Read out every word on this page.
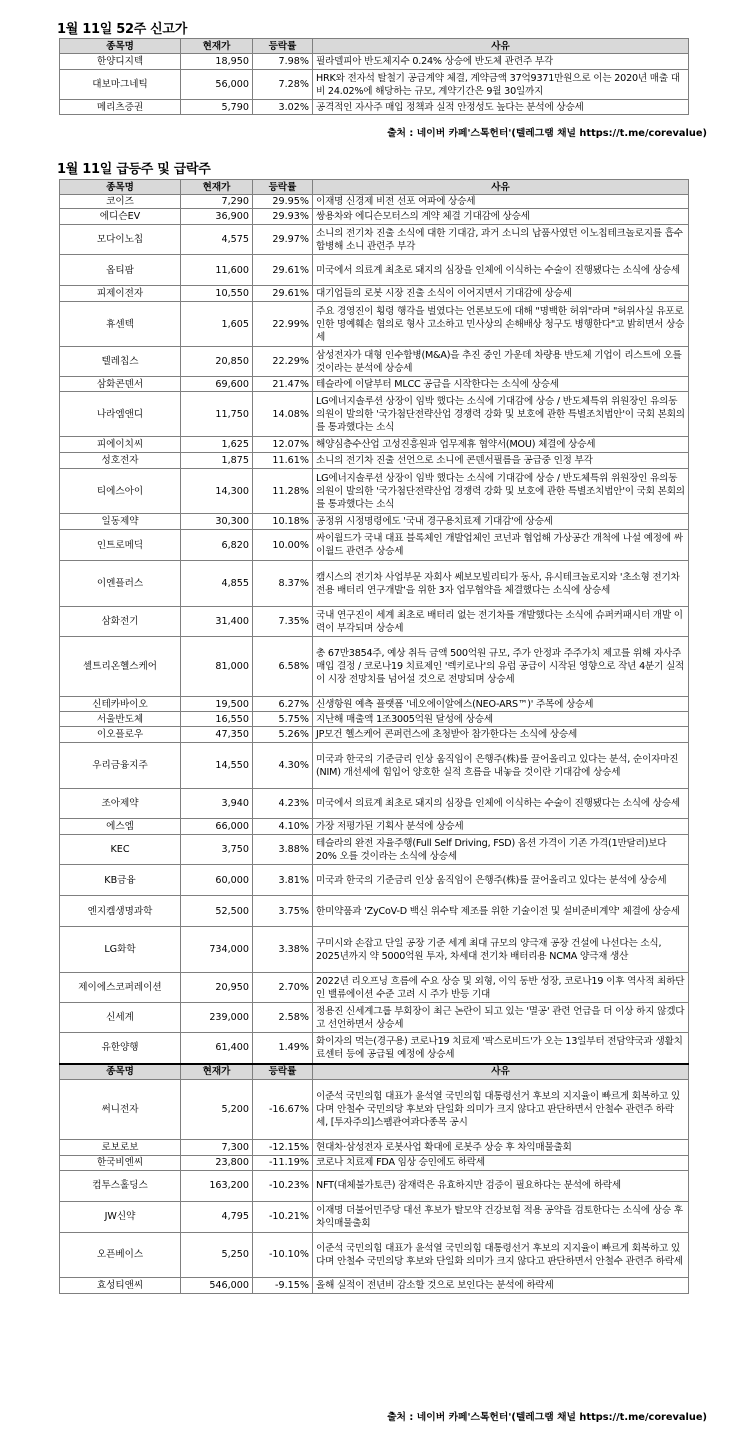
1월 11일 52주 신고가
종목명	현재가	등락률	사유
한양디지텍	18,950	7.98%	필라델피아 반도체지수 0.24% 상승에 반도체 관련주 부각
대보마그네틱	56,000	7.28%	HRK와 전자석 탈철기 공급계약 체결, 계약금액 37억9371만원으로 이는 2020년 매출 대비 24.02%에 해당하는 규모, 계약기간은 9월 30일까지
메리츠증권	5,790	3.02%	공격적인 자사주 매입 정책과 실적 안정성도 높다는 분석에 상승세
출처 : 네이버 카페'스톡헌터'(텔레그램 채널 https://t.me/corevalue)
1월 11일 급등주 및 급락주
종목명	현재가	등락률	사유
코이즈	7,290	29.95%	이재명 신경제 비전 선포 여파에 상승세
에디슨EV	36,900	29.93%	쌍용차와 에디슨모터스의 계약 체결 기대감에 상승세
모다이노칩	4,575	29.97%	소니의 전기차 진출 소식에 대한 기대감, 과거 소니의 납품사였던 이노칩테크놀로지를 흡수합병해 소니 관련주 부각
옵티팜	11,600	29.61%	미국에서 의료계 최초로 돼지의 심장을 인체에 이식하는 수술이 진행됐다는 소식에 상승세
피제이전자	10,550	29.61%	대기업들의 로봇 시장 진출 소식이 이어지면서 기대감에 상승세
휴센텍	1,605	22.99%	주요 경영진이 횡령 행각을 벌였다는 언론보도에 대해 "명백한 허위"라며 "허위사실 유포로 인한 명예훼손 혐의로 형사 고소하고 민사상의 손해배상 청구도 병행한다"고 밝히면서 상승세
텔레칩스	20,850	22.29%	삼성전자가 대형 인수합병(M&A)을 추진 중인 가운데 차량용 반도체 기업이 리스트에 오를 것이라는 분석에 상승세
삼화콘덴서	69,600	21.47%	테슬라에 이달부터 MLCC 공급을 시작한다는 소식에 상승세
나라엠앤디	11,750	14.08%	LG에너지솔루션 상장이 임박 했다는 소식에 기대감에 상승 / 반도체특위 위원장인 유의동 의원이 발의한 '국가첨단전략산업 경쟁력 강화 및 보호에 관한 특별조치법안'이 국회 본회의를 통과했다는 소식
피에이치씨	1,625	12.07%	해양심층수산업 고성진흥원과 업무제휴 협약서(MOU) 체결에 상승세
성호전자	1,875	11.61%	소니의 전기차 진출 선언으로 소니에 콘덴서필름을 공급중 인정 부각
티에스아이	14,300	11.28%	LG에너지솔루션 상장이 임박 했다는 소식에 기대감에 상승 / 반도체특위 위원장인 유의동 의원이 발의한 '국가첨단전략산업 경쟁력 강화 및 보호에 관한 특별조치법안'이 국회 본회의를 통과했다는 소식
일동제약	30,300	10.18%	공정위 시정명령에도 '국내 경구용치료제 기대감'에 상승세
인트로메딕	6,820	10.00%	싸이월드가 국내 대표 블록체인 개발업체인 코넌과 협업해 가상공간 개척에 나설 예정에 싸이월드 관련주 상승세
이엔플러스	4,855	8.37%	캠시스의 전기차 사업부문 자회사 쎄보모빌리티가 동사, 유시테크놀로지와 '초소형 전기차 전용 배터리 연구개발'을 위한 3자 업무협약을 체결했다는 소식에 상승세
삼화전기	31,400	7.35%	국내 연구진이 세계 최초로 배터리 없는 전기차를 개발했다는 소식에 슈퍼커패시터 개발 이력이 부각되며 상승세
셀트리온헬스케어	81,000	6.58%	총 67만3854주, 예상 취득 금액 500억원 규모, 주가 안정과 주주가치 제고를 위해 자사주 매입 결정 / 코로나19 치료제인 '렉키로나'의 유럽 공급이 시작된 영향으로 작년 4분기 실적이 시장 전망치를 넘어설 것으로 전망되며 상승세
신테카바이오	19,500	6.27%	신생항원 예측 플랫폼 '네오에이알에스(NEO-ARS™)' 주목에 상승세
서울반도체	16,550	5.75%	지난해 매출액 1조3005억원 달성에 상승세
이오플로우	47,350	5.26%	JP모건 헬스케어 콘퍼런스에 초청받아 참가한다는 소식에 상승세
우리금융지주	14,550	4.30%	미국과 한국의 기준금리 인상 움직임이 은행주(株)를 끌어올리고 있다는 분석, 순이자마진(NIM) 개선세에 힘입어 양호한 실적 흐름을 내놓을 것이란 기대감에 상승세
조아제약	3,940	4.23%	미국에서 의료계 최초로 돼지의 심장을 인체에 이식하는 수술이 진행됐다는 소식에 상승세
에스엠	66,000	4.10%	가장 저평가된 기획사 분석에 상승세
KEC	3,750	3.88%	테슬라의 완전 자율주행(Full Self Driving, FSD) 옵션 가격이 기존 가격(1만달러)보다 20% 오를 것이라는 소식에 상승세
KB금융	60,000	3.81%	미국과 한국의 기준금리 인상 움직임이 은행주(株)를 끌어올리고 있다는 분석에 상승세
엔지켐생명과학	52,500	3.75%	한미약품과 'ZyCoV-D 백신 위수탁 제조를 위한 기술이전 및 설비준비계약' 체결에 상승세
LG화학	734,000	3.38%	구미시와 손잡고 단일 공장 기준 세계 최대 규모의 양극재 공장 건설에 나선다는 소식, 2025년까지 약 5000억원 투자, 차세대 전기차 배터리용 NCMA 양극재 생산
제이에스코퍼레이션	20,950	2.70%	2022년 리오프닝 흐름에 수요 상승 및 외형, 이익 동반 성장, 코로나19 이후 역사적 최하단인 밸류에이션 수준 고려 시 주가 반등 기대
신세계	239,000	2.58%	정용진 신세계그룹 부회장이 최근 논란이 되고 있는 '멸공' 관련 언급을 더 이상 하지 않겠다고 선언하면서 상승세
유한양행	61,400	1.49%	화이자의 먹는(경구용) 코로나19 치료제 '팍스로비드'가 오는 13일부터 전담약국과 생활치료센터 등에 공급될 예정에 상승세
종목명	현재가	등락률	사유
써니전자	5,200	-16.67%	이준석 국민의힘 대표가 윤석열 국민의힘 대통령선거 후보의 지지율이 빠르게 회복하고 있다며 안철수 국민의당 후보와 단일화 의미가 크지 않다고 판단하면서 안철수 관련주 하락세, [투자주의]스팸관여과다종목 공시
로보로보	7,300	-12.15%	현대차·삼성전자 로봇사업 확대에 로봇주 상승 후 차익매물출회
한국비엔씨	23,800	-11.19%	코로나 치료제 FDA 임상 승인에도 하락세
컴투스홀딩스	163,200	-10.23%	NFT(대체불가토큰) 잠재력은 유효하지만 검증이 필요하다는 분석에 하락세
JW신약	4,795	-10.21%	이재명 더불어민주당 대선 후보가 탈모약 건강보험 적용 공약을 검토한다는 소식에 상승 후 차익매물출회
오픈베이스	5,250	-10.10%	이준석 국민의힘 대표가 윤석열 국민의힘 대통령선거 후보의 지지율이 빠르게 회복하고 있다며 안철수 국민의당 후보와 단일화 의미가 크지 않다고 판단하면서 안철수 관련주 하락세
효성티앤씨	546,000	-9.15%	올해 실적이 전년비 감소할 것으로 보인다는 분석에 하락세
출처 : 네이버 카페'스톡헌터'(텔레그램 채널 https://t.me/corevalue)
